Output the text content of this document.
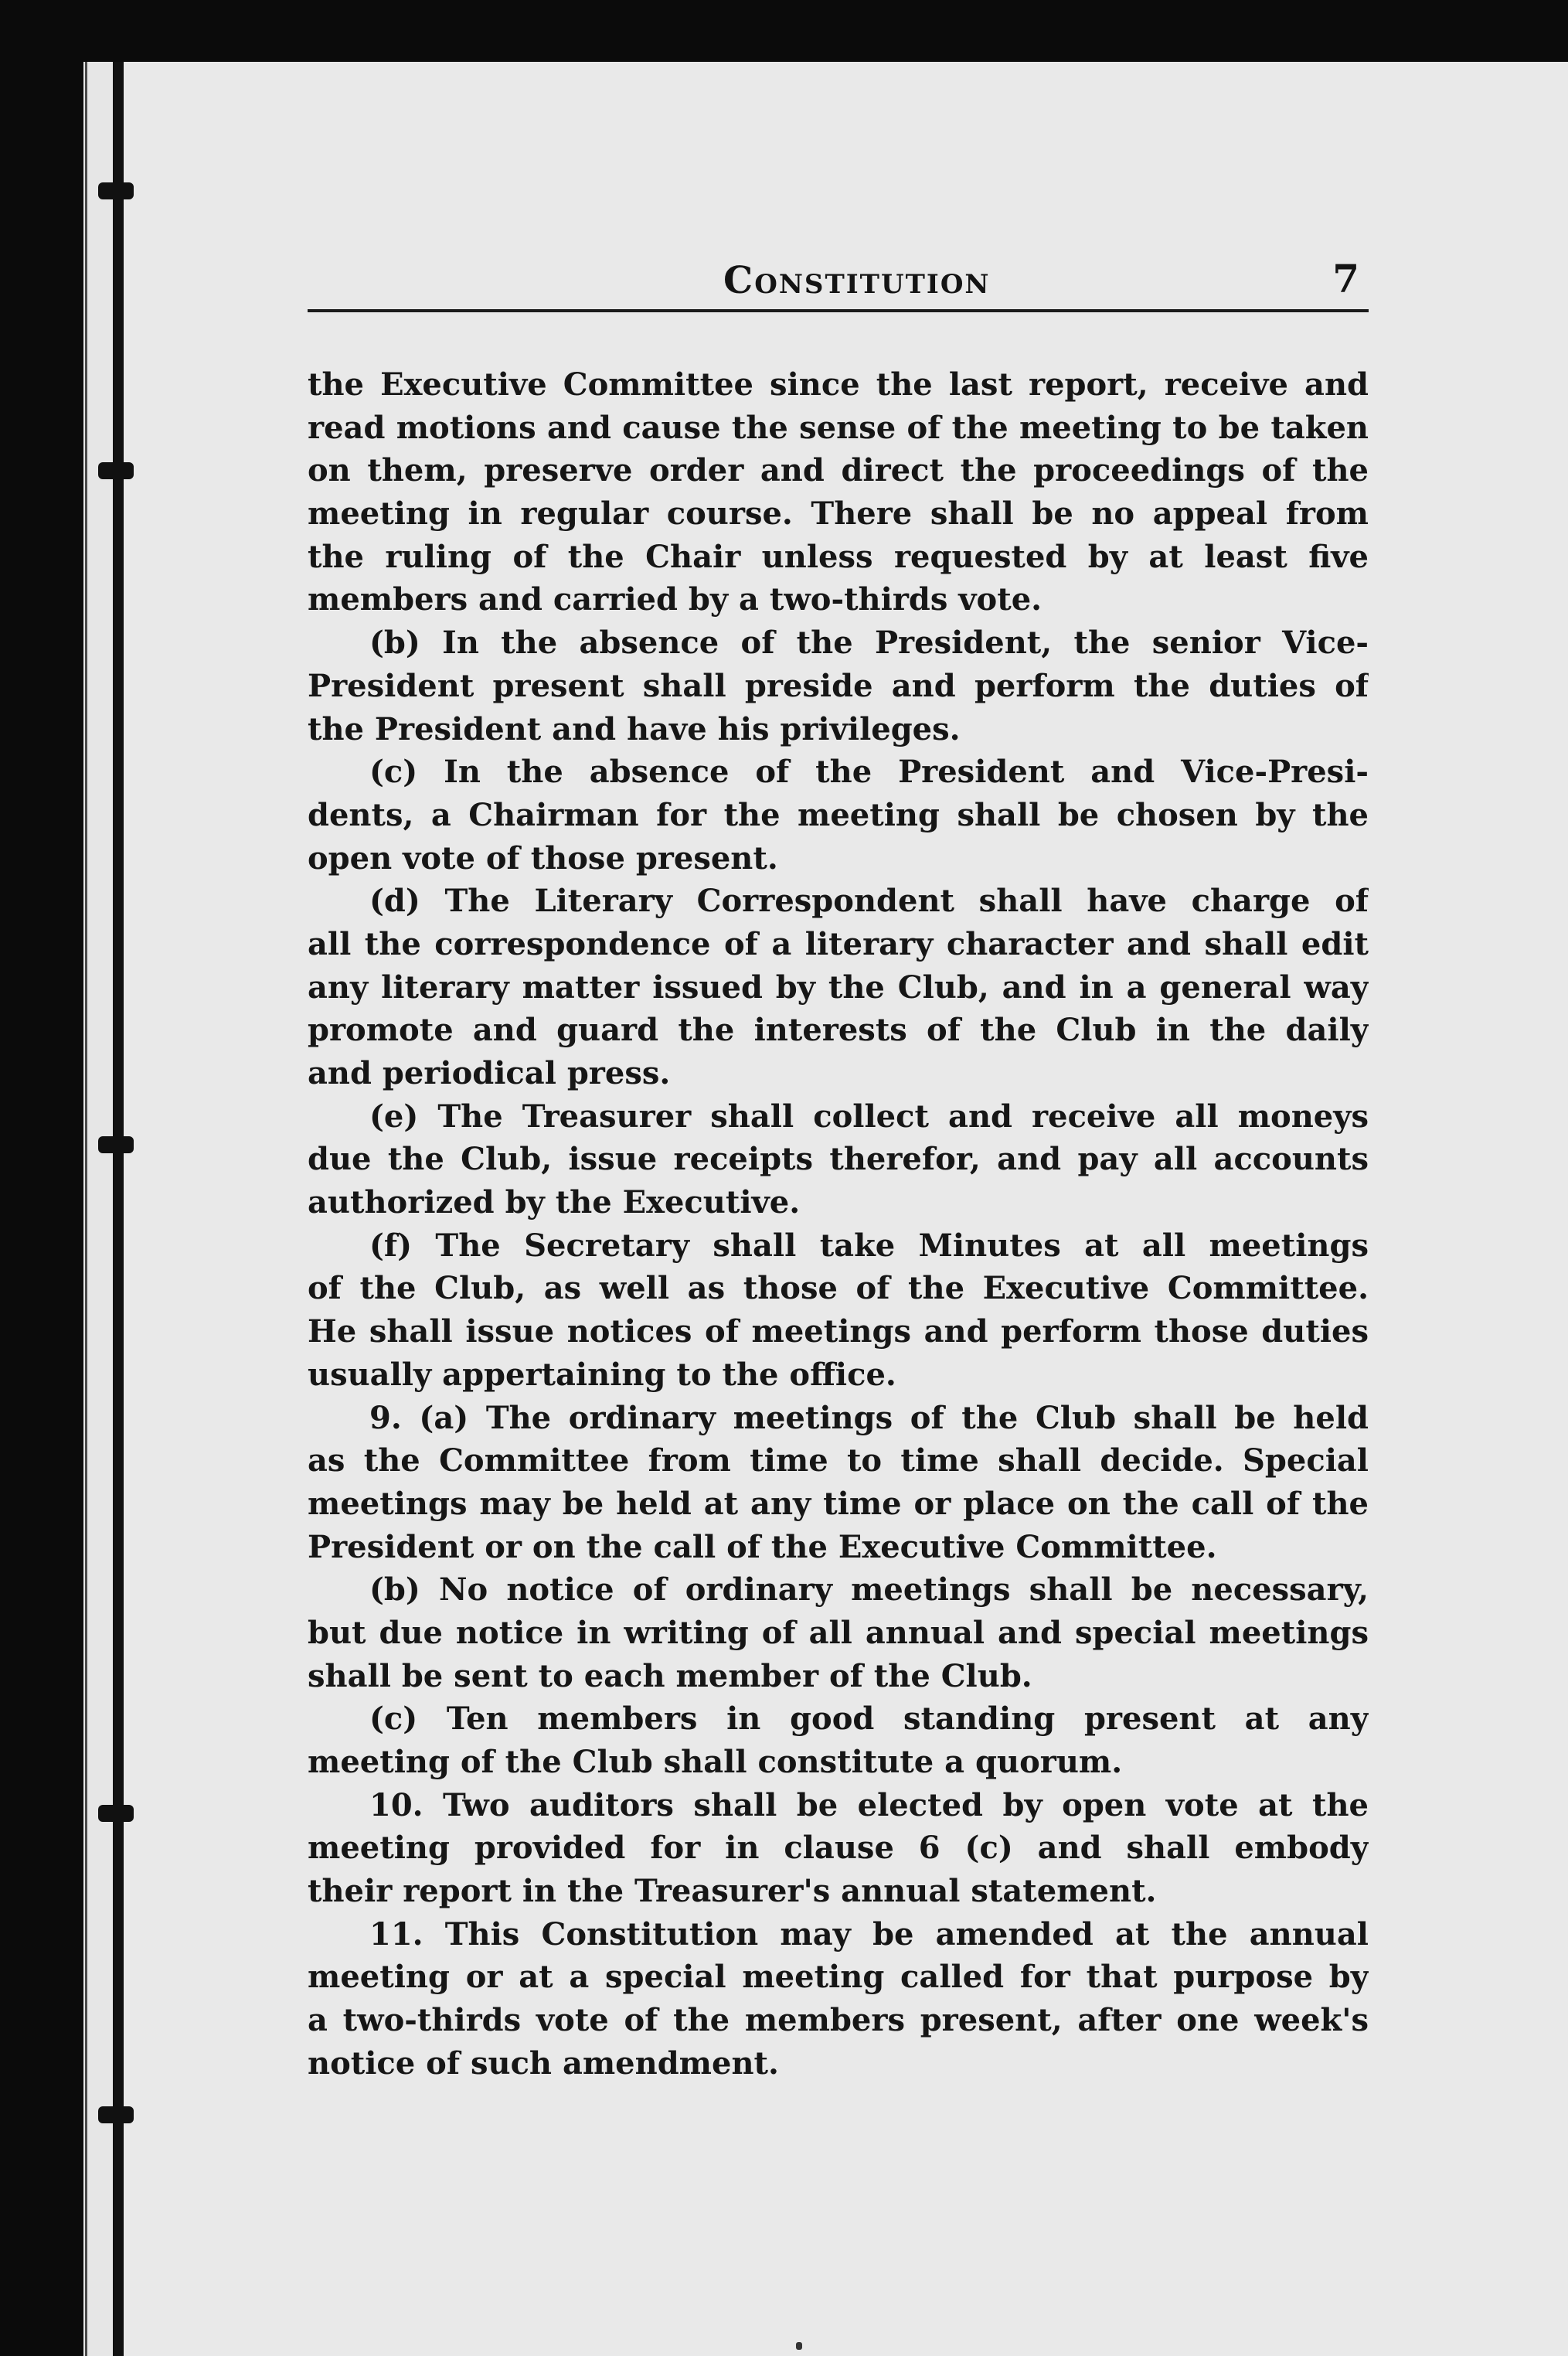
Constitution	7
the Executive Committee since the last report, receive and
read motions and cause the sense of the meeting to be taken
on them, preserve order and direct the proceedings of the
meeting in regular course. There shall be no appeal from
the ruling of the Chair unless requested by at least five
members and carried by a two-thirds vote.
(b) In the absence of the President, the senior Vice-
President present shall preside and perform the duties of
the President and have his privileges.
(c) In the absence of the President and Vice-Presi-
dents, a Chairman for the meeting shall be chosen by the
open vote of those present.
(d) The Literary Correspondent shall have charge of
all the correspondence of a literary character and shall edit
any literary matter issued by the Club, and in a general way
promote and guard the interests of the Club in the daily
and periodical press.
(e) The Treasurer shall collect and receive all moneys
due the Club, issue receipts therefor, and pay all accounts
authorized by the Executive.
(f) The Secretary shall take Minutes at all meetings
of the Club, as well as those of the Executive Committee.
He shall issue notices of meetings and perform those duties
usually appertaining to the office.
9. (a) The ordinary meetings of the Club shall be held
as the Committee from time to time shall decide. Special
meetings may be held at any time or place on the call of the
President or on the call of the Executive Committee.
(b) No notice of ordinary meetings shall be necessary,
but due notice in writing of all annual and special meetings
shall be sent to each member of the Club.
(c) Ten members in good standing present at any
meeting of the Club shall constitute a quorum.
10. Two auditors shall be elected by open vote at the
meeting provided for in clause 6 (c) and shall embody
their report in the Treasurer's annual statement.
11. This Constitution may be amended at the annual
meeting or at a special meeting called for that purpose by
a two-thirds vote of the members present, after one week's
notice of such amendment.
